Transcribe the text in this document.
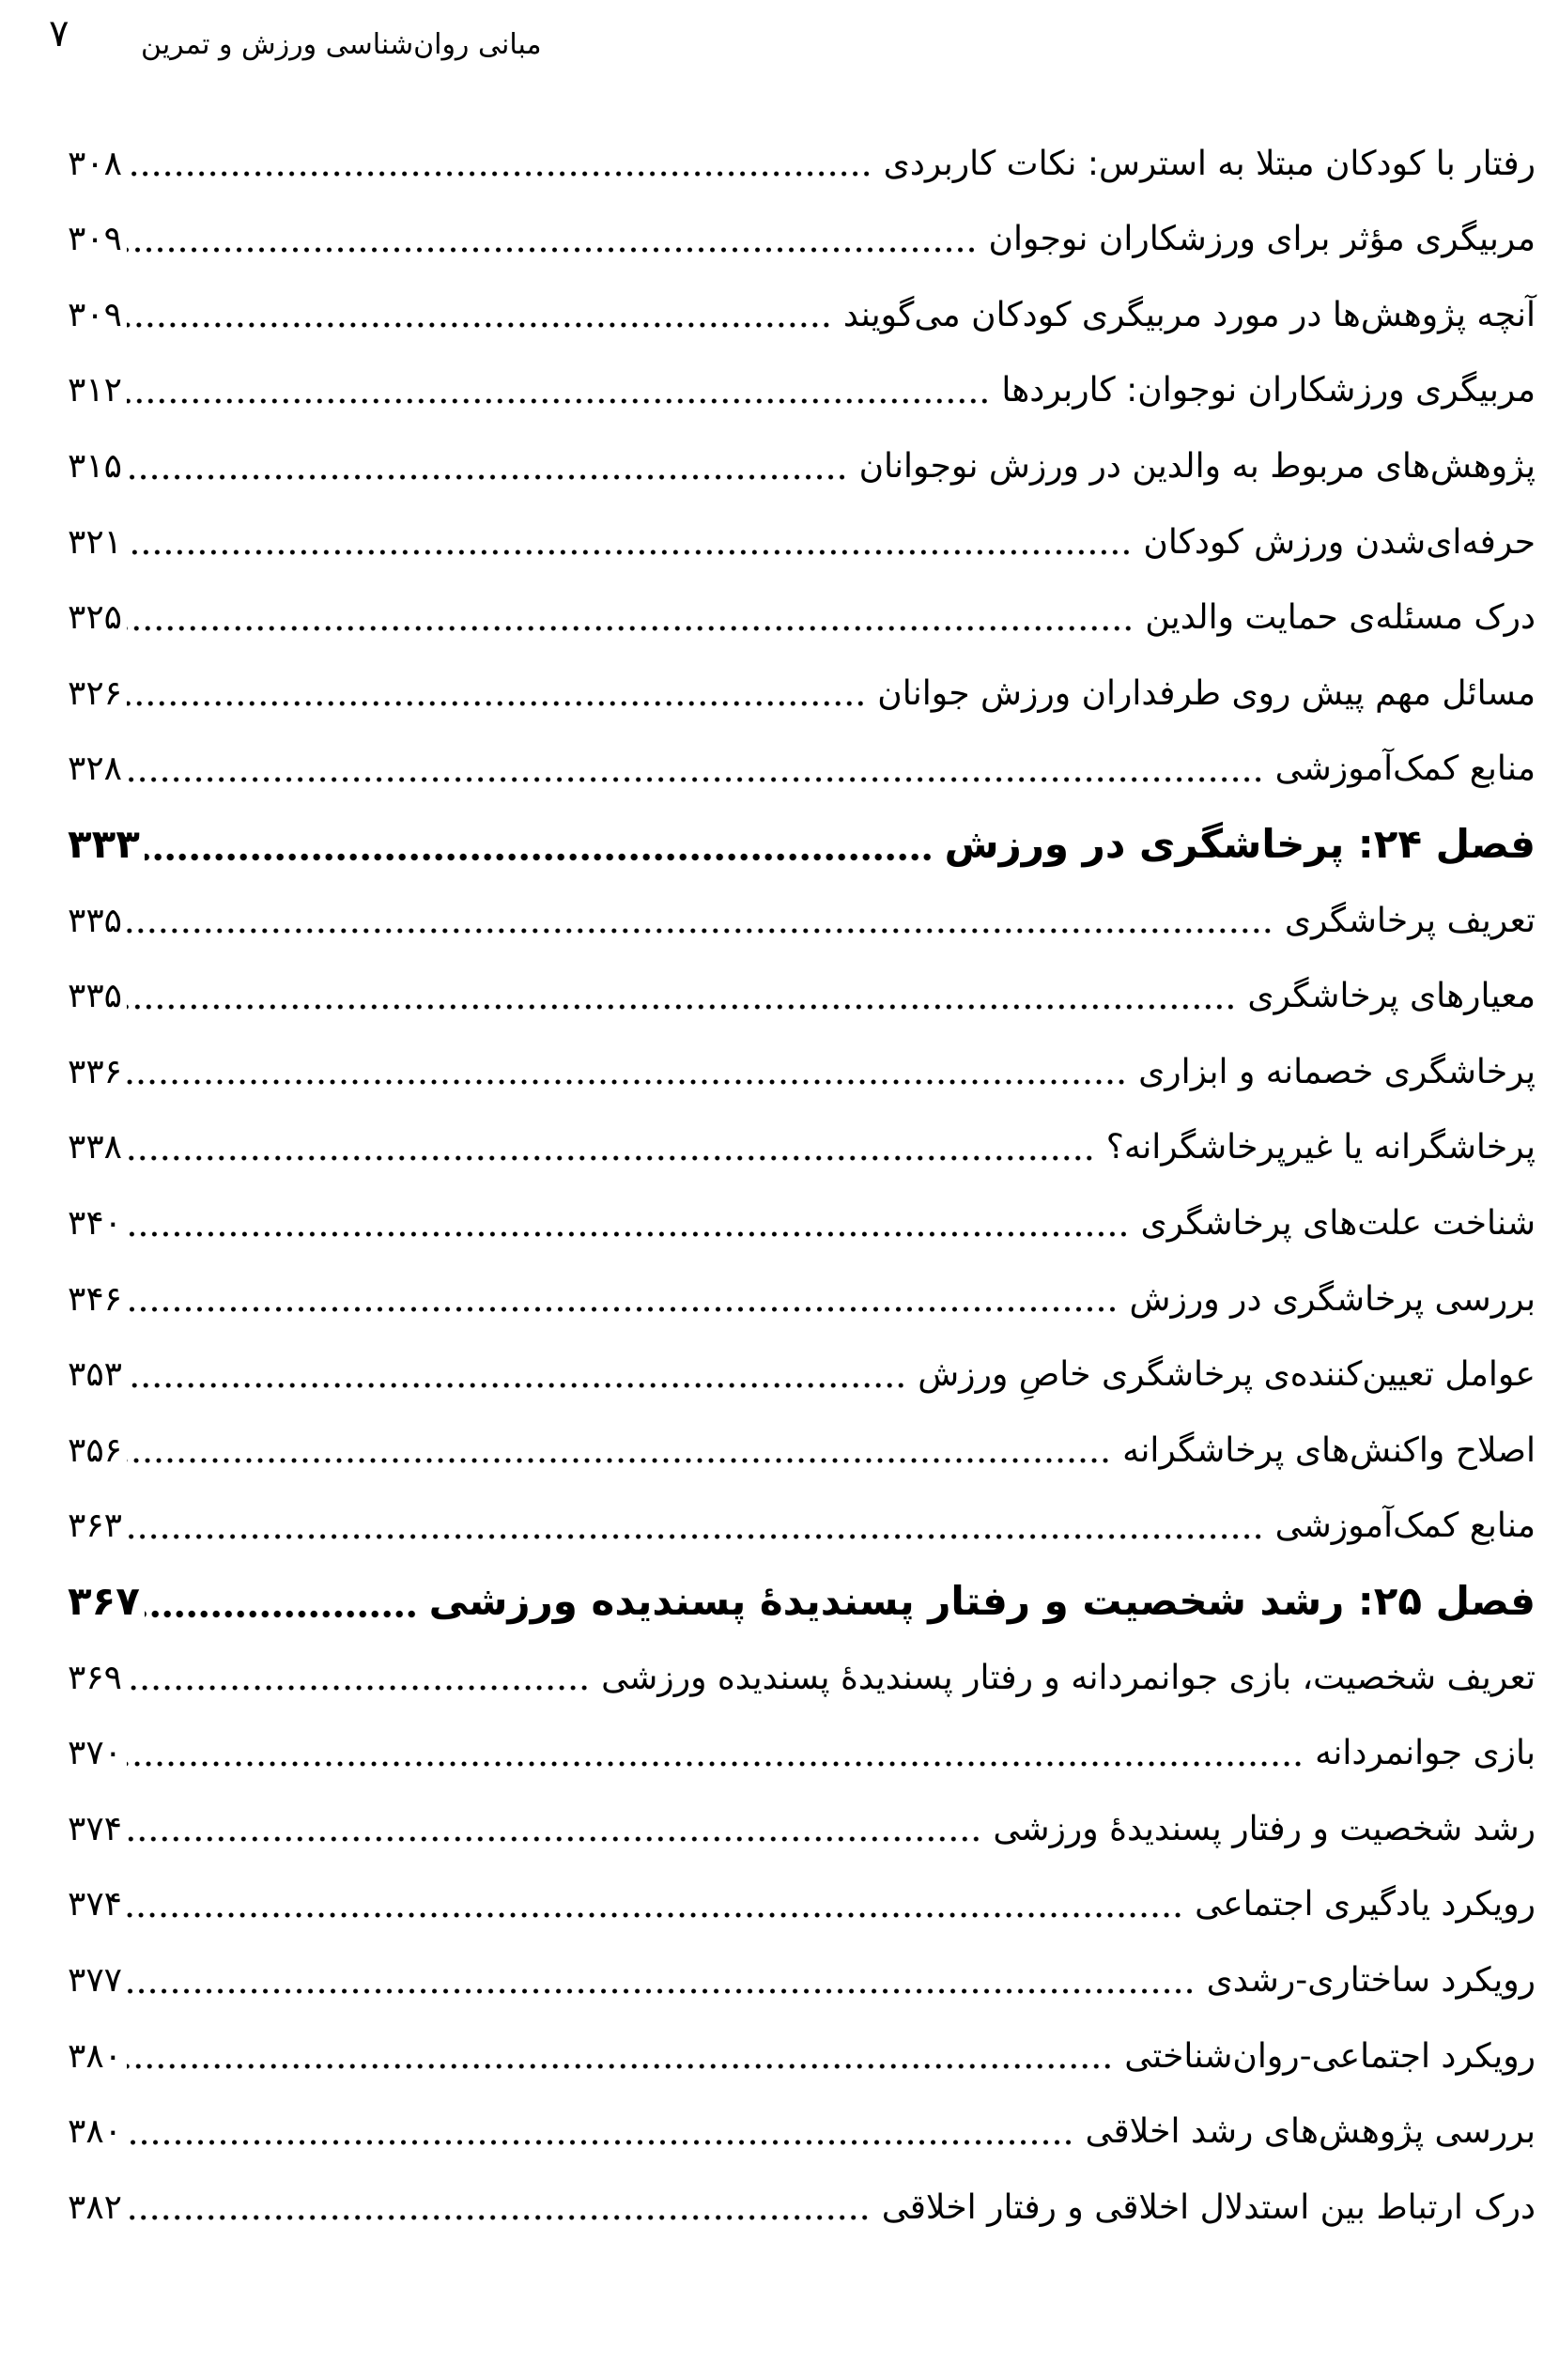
۷	مبانی روان‌شناسی ورزش و تمرین
رفتار با کودکان مبتلا به استرس: نکات کاربردی
۳۰۸
مربیگری مؤثر برای ورزشکاران نوجوان
۳۰۹
آنچه پژوهش‌ها در مورد مربیگری کودکان می‌گویند
۳۰۹
مربیگری ورزشکاران نوجوان: کاربردها
۳۱۲
پژوهش‌های مربوط به والدین در ورزش نوجوانان
۳۱۵
حرفه‌ای‌شدن ورزش کودکان
۳۲۱
درک مسئله‌ی حمایت والدین
۳۲۵
مسائل مهم پیش روی طرفداران ورزش جوانان
۳۲۶
منابع کمک‌آموزشی
۳۲۸
فصل ۲۴: پرخاشگری در ورزش
۳۳۳
تعریف پرخاشگری
۳۳۵
معیارهای پرخاشگری
۳۳۵
پرخاشگری خصمانه و ابزاری
۳۳۶
پرخاشگرانه یا غیرپرخاشگرانه؟
۳۳۸
شناخت علت‌های پرخاشگری
۳۴۰
بررسی پرخاشگری در ورزش
۳۴۶
عوامل تعیین‌کننده‌ی پرخاشگری خاصِ ورزش
۳۵۳
اصلاح واکنش‌های پرخاشگرانه
۳۵۶
منابع کمک‌آموزشی
۳۶۳
فصل ۲۵: رشد شخصیت و رفتار پسندیدۀ پسندیده ورزشی
۳۶۷
تعریف شخصیت، بازی جوانمردانه و رفتار پسندیدۀ پسندیده ورزشی
۳۶۹
بازی جوانمردانه
۳۷۰
رشد شخصیت و رفتار پسندیدۀ ورزشی
۳۷۴
رویکرد یادگیری اجتماعی
۳۷۴
رویکرد ساختاری-رشدی
۳۷۷
رویکرد اجتماعی-روان‌شناختی
۳۸۰
بررسی پژوهش‌های رشد اخلاقی
۳۸۰
درک ارتباط بین استدلال اخلاقی و رفتار اخلاقی
۳۸۲
